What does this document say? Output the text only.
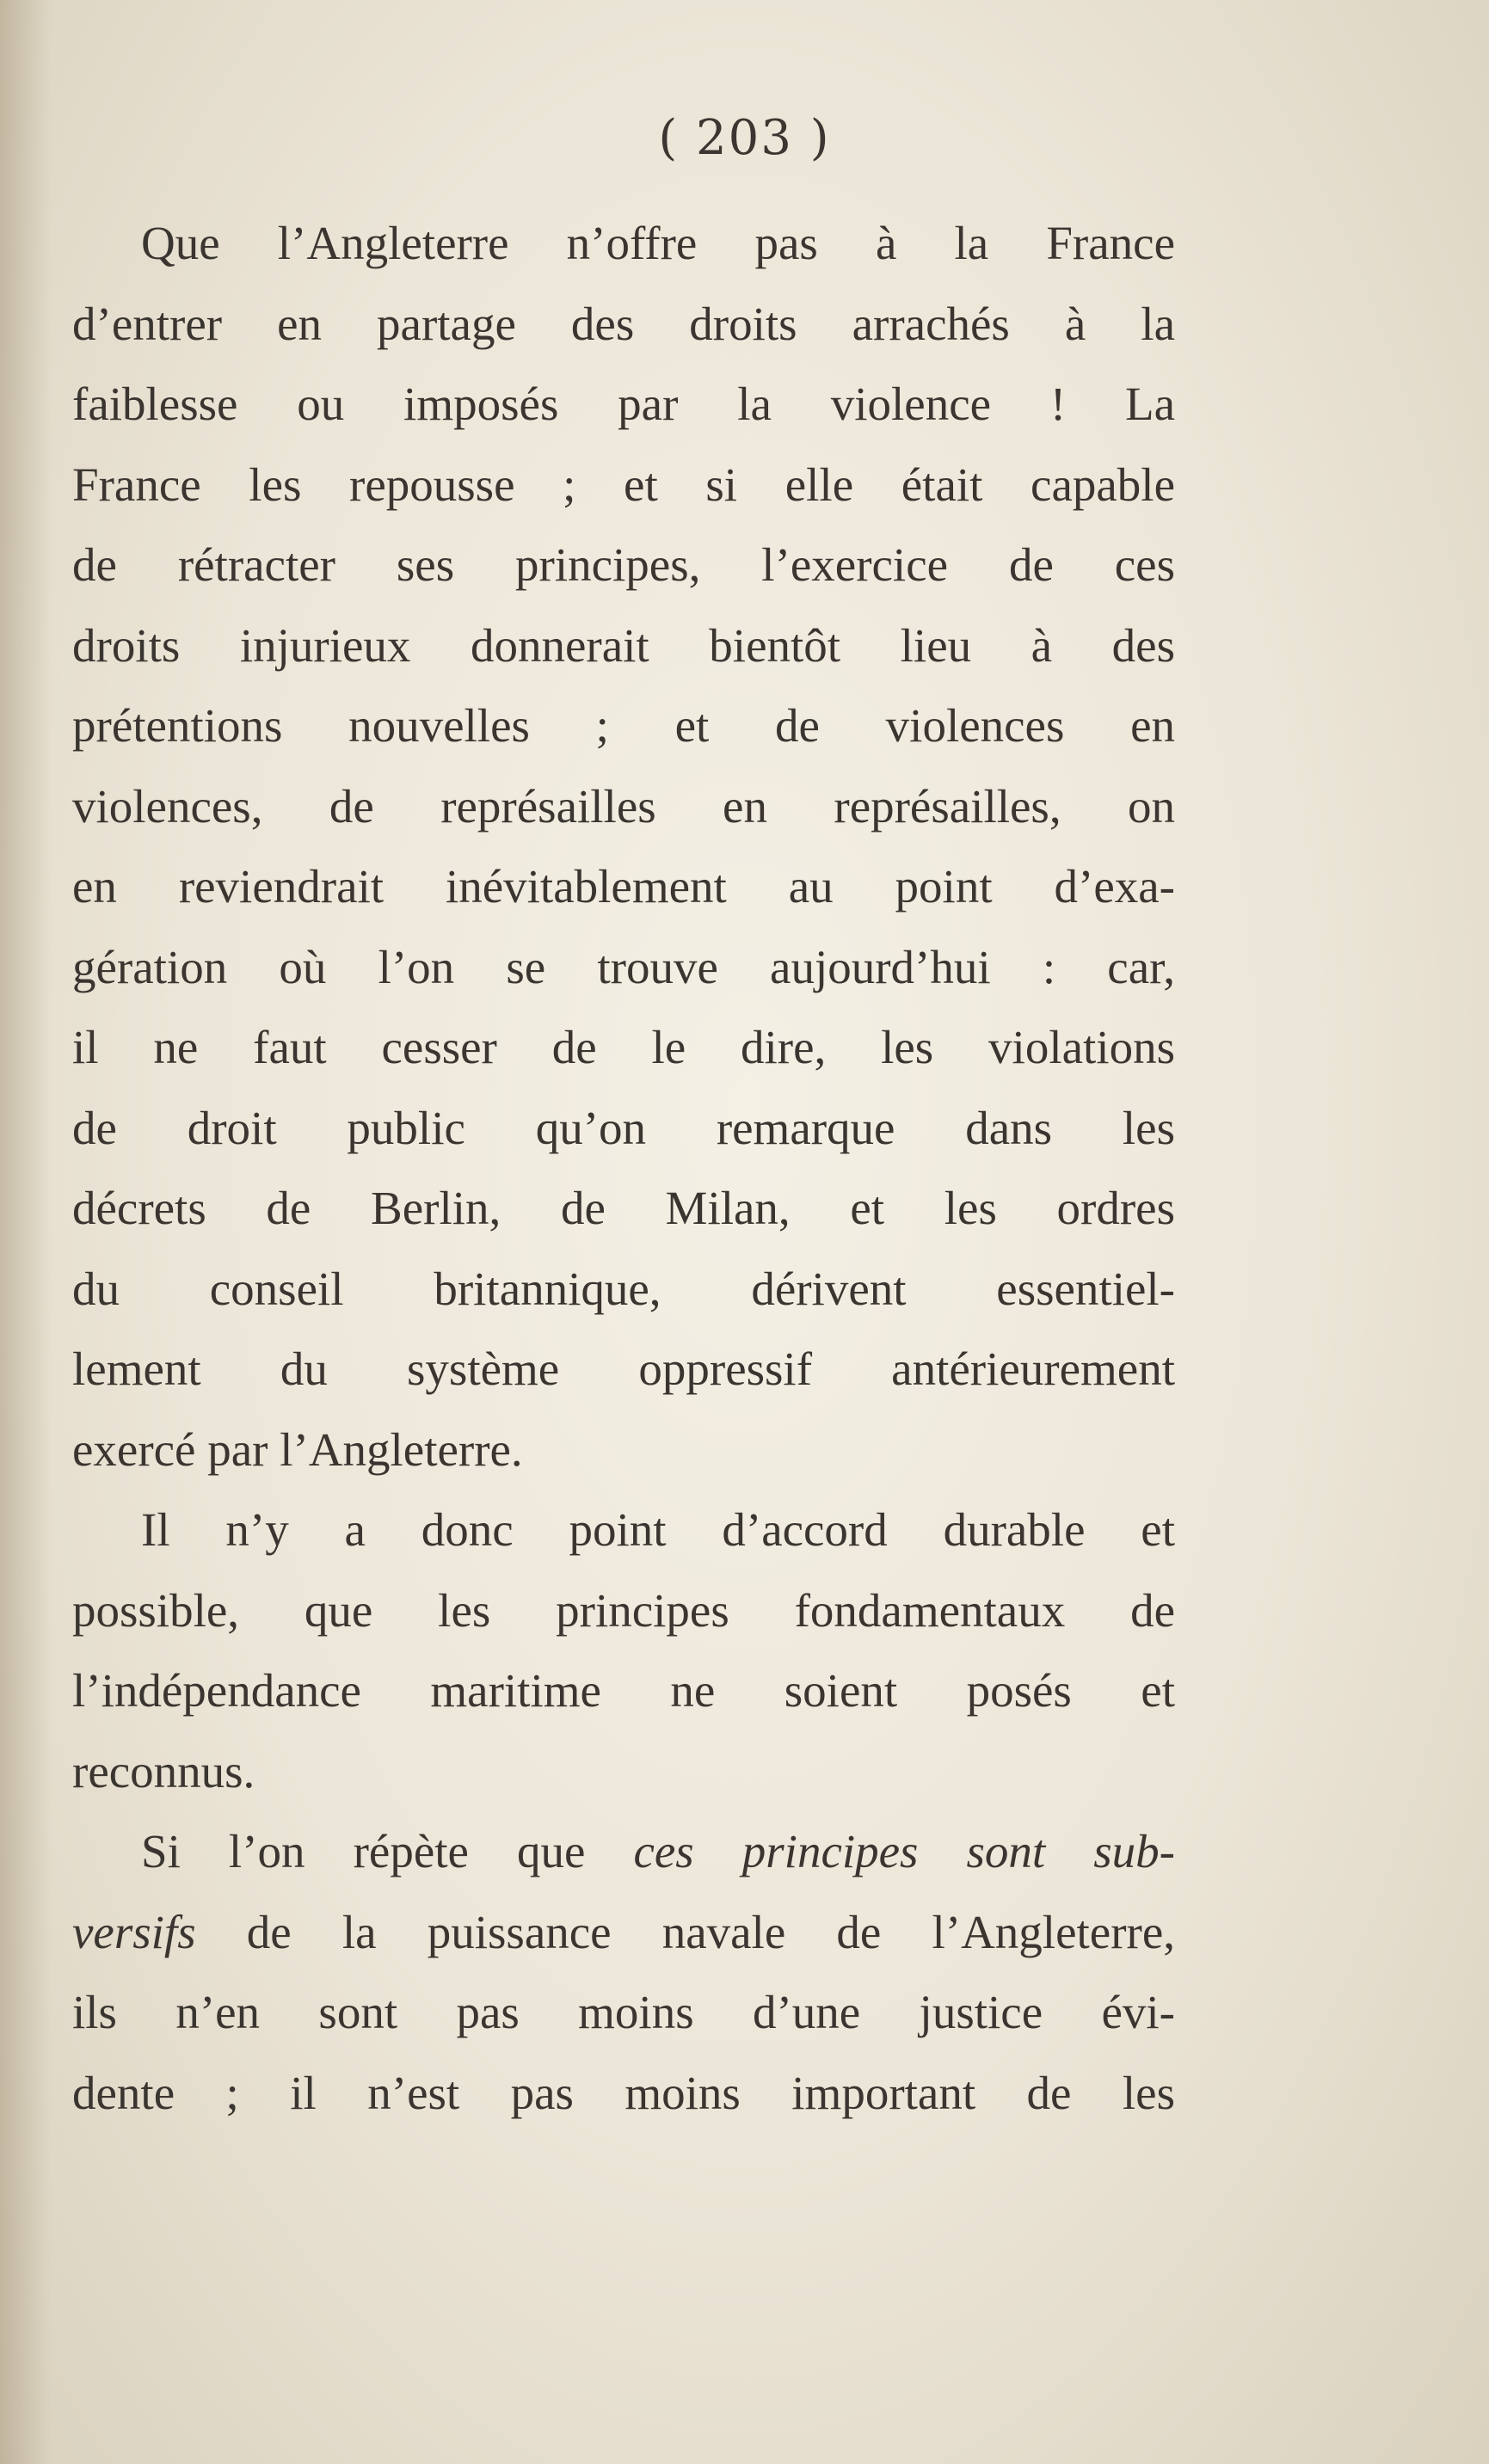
( 203 )
Que l’Angleterre n’offre pas à la France
d’entrer en partage des droits arrachés à la
faiblesse ou imposés par la violence ! La
France les repousse ; et si elle était capable
de rétracter ses principes, l’exercice de ces
droits injurieux donnerait bientôt lieu à des
prétentions nouvelles ; et de violences en
violences, de représailles en représailles, on
en reviendrait inévitablement au point d’exa-
gération où l’on se trouve aujourd’hui : car,
il ne faut cesser de le dire, les violations
de droit public qu’on remarque dans les
décrets de Berlin, de Milan, et les ordres
du conseil britannique, dérivent essentiel-
lement du système oppressif antérieurement
exercé par l’Angleterre.
Il n’y a donc point d’accord durable et
possible, que les principes fondamentaux de
l’indépendance maritime ne soient posés et
reconnus.
Si l’on répète que ces principes sont sub-
versifs de la puissance navale de l’Angleterre,
ils n’en sont pas moins d’une justice évi-
dente ; il n’est pas moins important de les
